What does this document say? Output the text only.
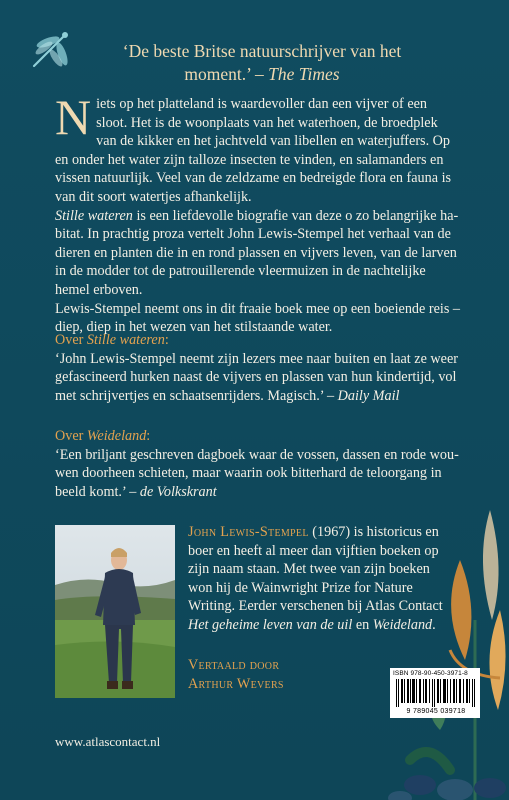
‘De beste Britse natuurschrijver van het moment.’ – The Times

Niets op het platteland is waardevoller dan een vijver of een sloot. Het is de woonplaats van het waterhoen, de broedplek van de kikker en het jachtveld van libellen en waterjuffers. Op en onder het water zijn talloze insecten te vinden, en salamanders en vissen natuurlijk. Veel van de zeldzame en bedreigde flora en fauna is van dit soort watertjes afhankelijk.

Stille wateren is een liefdevolle biografie van deze o zo belangrijke habitat. In prachtig proza vertelt John Lewis-Stempel het verhaal van de dieren en planten die in en rond plassen en vijvers leven, van de larven in de modder tot de patrouillerende vleermuizen in de nachtelijke hemel erboven.

Lewis-Stempel neemt ons in dit fraaie boek mee op een boeiende reis – diep, diep in het wezen van het stilstaande water.

Over Stille wateren:
‘John Lewis-Stempel neemt zijn lezers mee naar buiten en laat ze weer gefascineerd hurken naast de vijvers en plassen van hun kindertijd, vol met schrijvertjes en schaatsenrijders. Magisch.’ – Daily Mail
Over Weideland:
‘Een briljant geschreven dagboek waar de vossen, dassen en rode wouwen doorheen schieten, maar waarin ook bitterhard de teloorgang in beeld komt.’ – de Volkskrant
John Lewis-Stempel (1967) is historicus en boer en heeft al meer dan vijftien boeken op zijn naam staan. Met twee van zijn boeken won hij de Wainwright Prize for Nature Writing. Eerder verschenen bij Atlas Contact Het geheime leven van de uil en Weideland.
Vertaald door
Arthur Wevers
ISBN 978-90-450-3971-8
9 789045 039718
www.atlascontact.nl
